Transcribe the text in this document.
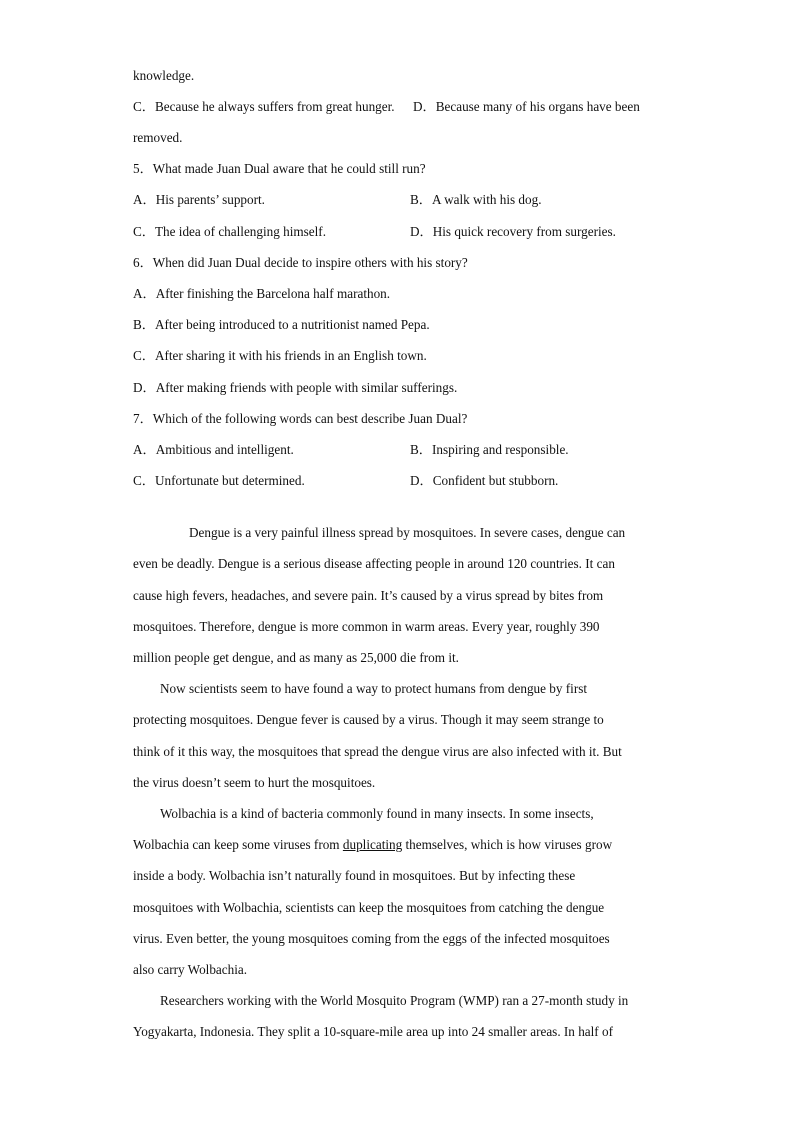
knowledge.
C．Because he always suffers from great hunger. D．Because many of his organs have been
removed.
5．What made Juan Dual aware that he could still run?
A．His parents’ support.	B．A walk with his dog.
C．The idea of challenging himself.	D．His quick recovery from surgeries.
6．When did Juan Dual decide to inspire others with his story?
A．After finishing the Barcelona half marathon.
B．After being introduced to a nutritionist named Pepa.
C．After sharing it with his friends in an English town.
D．After making friends with people with similar sufferings.
7．Which of the following words can best describe Juan Dual?
A．Ambitious and intelligent.	B．Inspiring and responsible.
C．Unfortunate but determined.	D．Confident but stubborn.
Dengue is a very painful illness spread by mosquitoes. In severe cases, dengue can
even be deadly. Dengue is a serious disease affecting people in around 120 countries. It can
cause high fevers, headaches, and severe pain. It’s caused by a virus spread by bites from
mosquitoes. Therefore, dengue is more common in warm areas. Every year, roughly 390
million people get dengue, and as many as 25,000 die from it.
Now scientists seem to have found a way to protect humans from dengue by first
protecting mosquitoes. Dengue fever is caused by a virus. Though it may seem strange to
think of it this way, the mosquitoes that spread the dengue virus are also infected with it. But
the virus doesn’t seem to hurt the mosquitoes.
Wolbachia is a kind of bacteria commonly found in many insects. In some insects,
Wolbachia can keep some viruses from duplicating themselves, which is how viruses grow
inside a body. Wolbachia isn’t naturally found in mosquitoes. But by infecting these
mosquitoes with Wolbachia, scientists can keep the mosquitoes from catching the dengue
virus. Even better, the young mosquitoes coming from the eggs of the infected mosquitoes
also carry Wolbachia.
Researchers working with the World Mosquito Program (WMP) ran a 27-month study in
Yogyakarta, Indonesia. They split a 10-square-mile area up into 24 smaller areas. In half of
